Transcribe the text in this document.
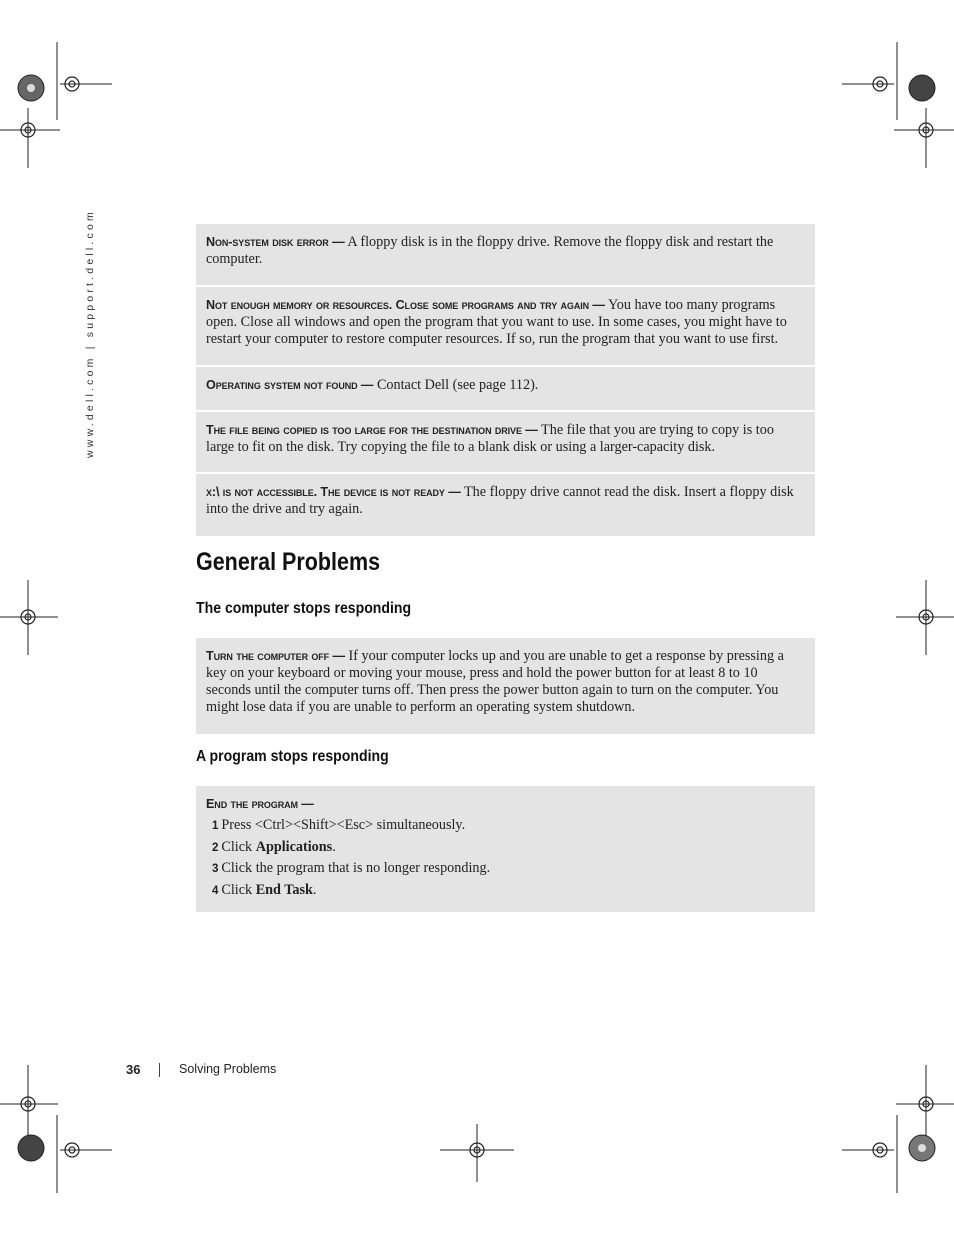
www.dell.com | support.dell.com	Non-system disk error — A floppy disk is in the floppy drive. Remove the floppy disk and restart the computer.

Not enough memory or resources. Close some programs and try again — You have too many programs open. Close all windows and open the program that you want to use. In some cases, you might have to restart your computer to restore computer resources. If so, run the program that you want to use first.

Operating system not found — Contact Dell (see page 112).

The file being copied is too large for the destination drive — The file that you are trying to copy is too large to fit on the disk. Try copying the file to a blank disk or using a larger-capacity disk.

x:\ is not accessible. The device is not ready — The floppy drive cannot read the disk. Insert a floppy disk into the drive and try again.

General Problems
The computer stops responding

Turn the computer off — If your computer locks up and you are unable to get a response by pressing a key on your keyboard or moving your mouse, press and hold the power button for at least 8 to 10 seconds until the computer turns off. Then press the power button again to turn on the computer. You might lose data if you are unable to perform an operating system shutdown.

A program stops responding

End the program —

1 Press <Ctrl><Shift><Esc> simultaneously.
2 Click Applications.
3 Click the program that is no longer responding.
4 Click End Task.
36	Solving Problems
